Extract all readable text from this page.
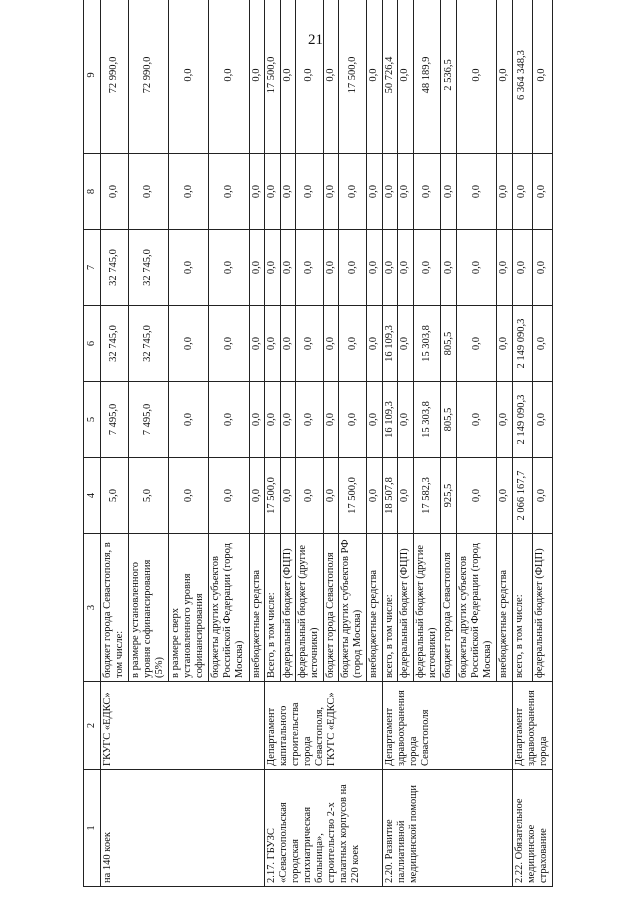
21
1	2	3	4	5	6	7	8	9
на 140 коек	ГКУГС «ЕДКС»	бюджет города Севастополя, в том числе:	5,0	7 495,0	32 745,0	32 745,0	0,0	72 990,0
		в размере установленного уровня софинансирования (5%)	5,0	7 495,0	32 745,0	32 745,0	0,0	72 990,0
		в размере сверх установленного уровня софинансирования	0,0	0,0	0,0	0,0	0,0	0,0
		бюджеты других субъектов Российской Федерации (город Москва)	0,0	0,0	0,0	0,0	0,0	0,0
		внебюджетные средства	0,0	0,0	0,0	0,0	0,0	0,0
2.17. ГБУЗС «Севастопольская городская психиатрическая больница», строительство 2-х палатных корпусов на 220 коек	Департамент капитального строительства города Севастополя, ГКУГС «ЕДКС»	Всего, в том числе:	17 500,0	0,0	0,0	0,0	0,0	17 500,0
		федеральный бюджет (ФЦП)	0,0	0,0	0,0	0,0	0,0	0,0
		федеральный бюджет (другие источники)	0,0	0,0	0,0	0,0	0,0	0,0
		бюджет города Севастополя	0,0	0,0	0,0	0,0	0,0	0,0
		бюджеты других субъектов РФ (город Москва)	17 500,0	0,0	0,0	0,0	0,0	17 500,0
		внебюджетные средства	0,0	0,0	0,0	0,0	0,0	0,0
2.20. Развитие паллиативной медицинской помощи	Департамент здравоохранения города Севастополя	всего, в том числе:	18 507,8	16 109,3	16 109,3	0,0	0,0	50 726,4
		федеральный бюджет (ФЦП)	0,0	0,0	0,0	0,0	0,0	0,0
		федеральный бюджет (другие источники)	17 582,3	15 303,8	15 303,8	0,0	0,0	48 189,9
		бюджет города Севастополя	925,5	805,5	805,5	0,0	0,0	2 536,5
		бюджеты других субъектов Российской Федерации (город Москва)	0,0	0,0	0,0	0,0	0,0	0,0
		внебюджетные средства	0,0	0,0	0,0	0,0	0,0	0,0
2.22. Обязательное медицинское страхование	Департамент здравоохранения города	всего, в том числе:	2 066 167,7	2 149 090,3	2 149 090,3	0,0	0,0	6 364 348,3
		федеральный бюджет (ФЦП)	0,0	0,0	0,0	0,0	0,0	0,0
